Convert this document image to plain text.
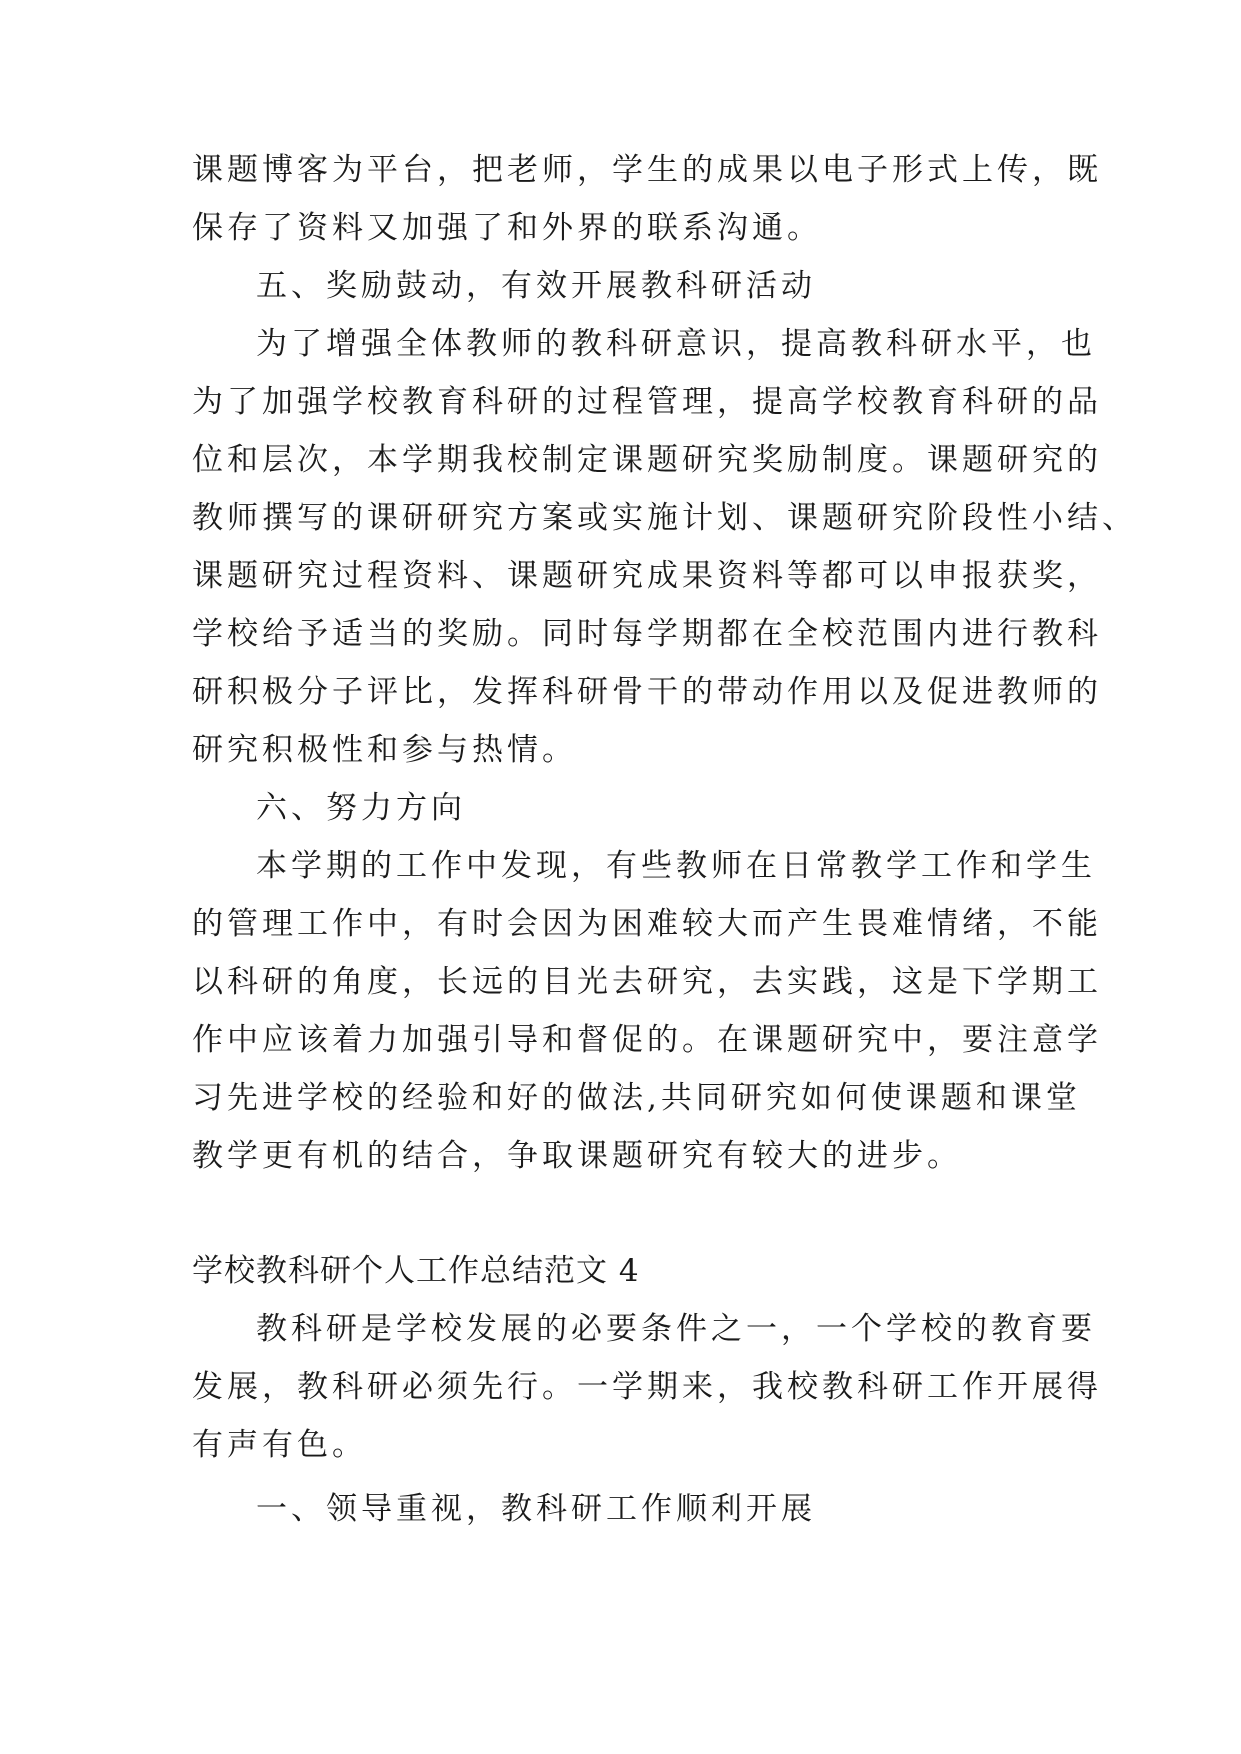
课题博客为平台，把老师，学生的成果以电子形式上传，既
保存了资料又加强了和外界的联系沟通。
五、奖励鼓动，有效开展教科研活动
为了增强全体教师的教科研意识，提高教科研水平，也
为了加强学校教育科研的过程管理，提高学校教育科研的品
位和层次，本学期我校制定课题研究奖励制度。课题研究的
教师撰写的课研研究方案或实施计划、课题研究阶段性小结、
课题研究过程资料、课题研究成果资料等都可以申报获奖，
学校给予适当的奖励。同时每学期都在全校范围内进行教科
研积极分子评比，发挥科研骨干的带动作用以及促进教师的
研究积极性和参与热情。
六、努力方向
本学期的工作中发现，有些教师在日常教学工作和学生
的管理工作中，有时会因为困难较大而产生畏难情绪，不能
以科研的角度，长远的目光去研究，去实践，这是下学期工
作中应该着力加强引导和督促的。在课题研究中，要注意学
习先进学校的经验和好的做法,共同研究如何使课题和课堂
教学更有机的结合，争取课题研究有较大的进步。
学校教科研个人工作总结范文 4
教科研是学校发展的必要条件之一，一个学校的教育要
发展，教科研必须先行。一学期来，我校教科研工作开展得
有声有色。
一、领导重视，教科研工作顺利开展
